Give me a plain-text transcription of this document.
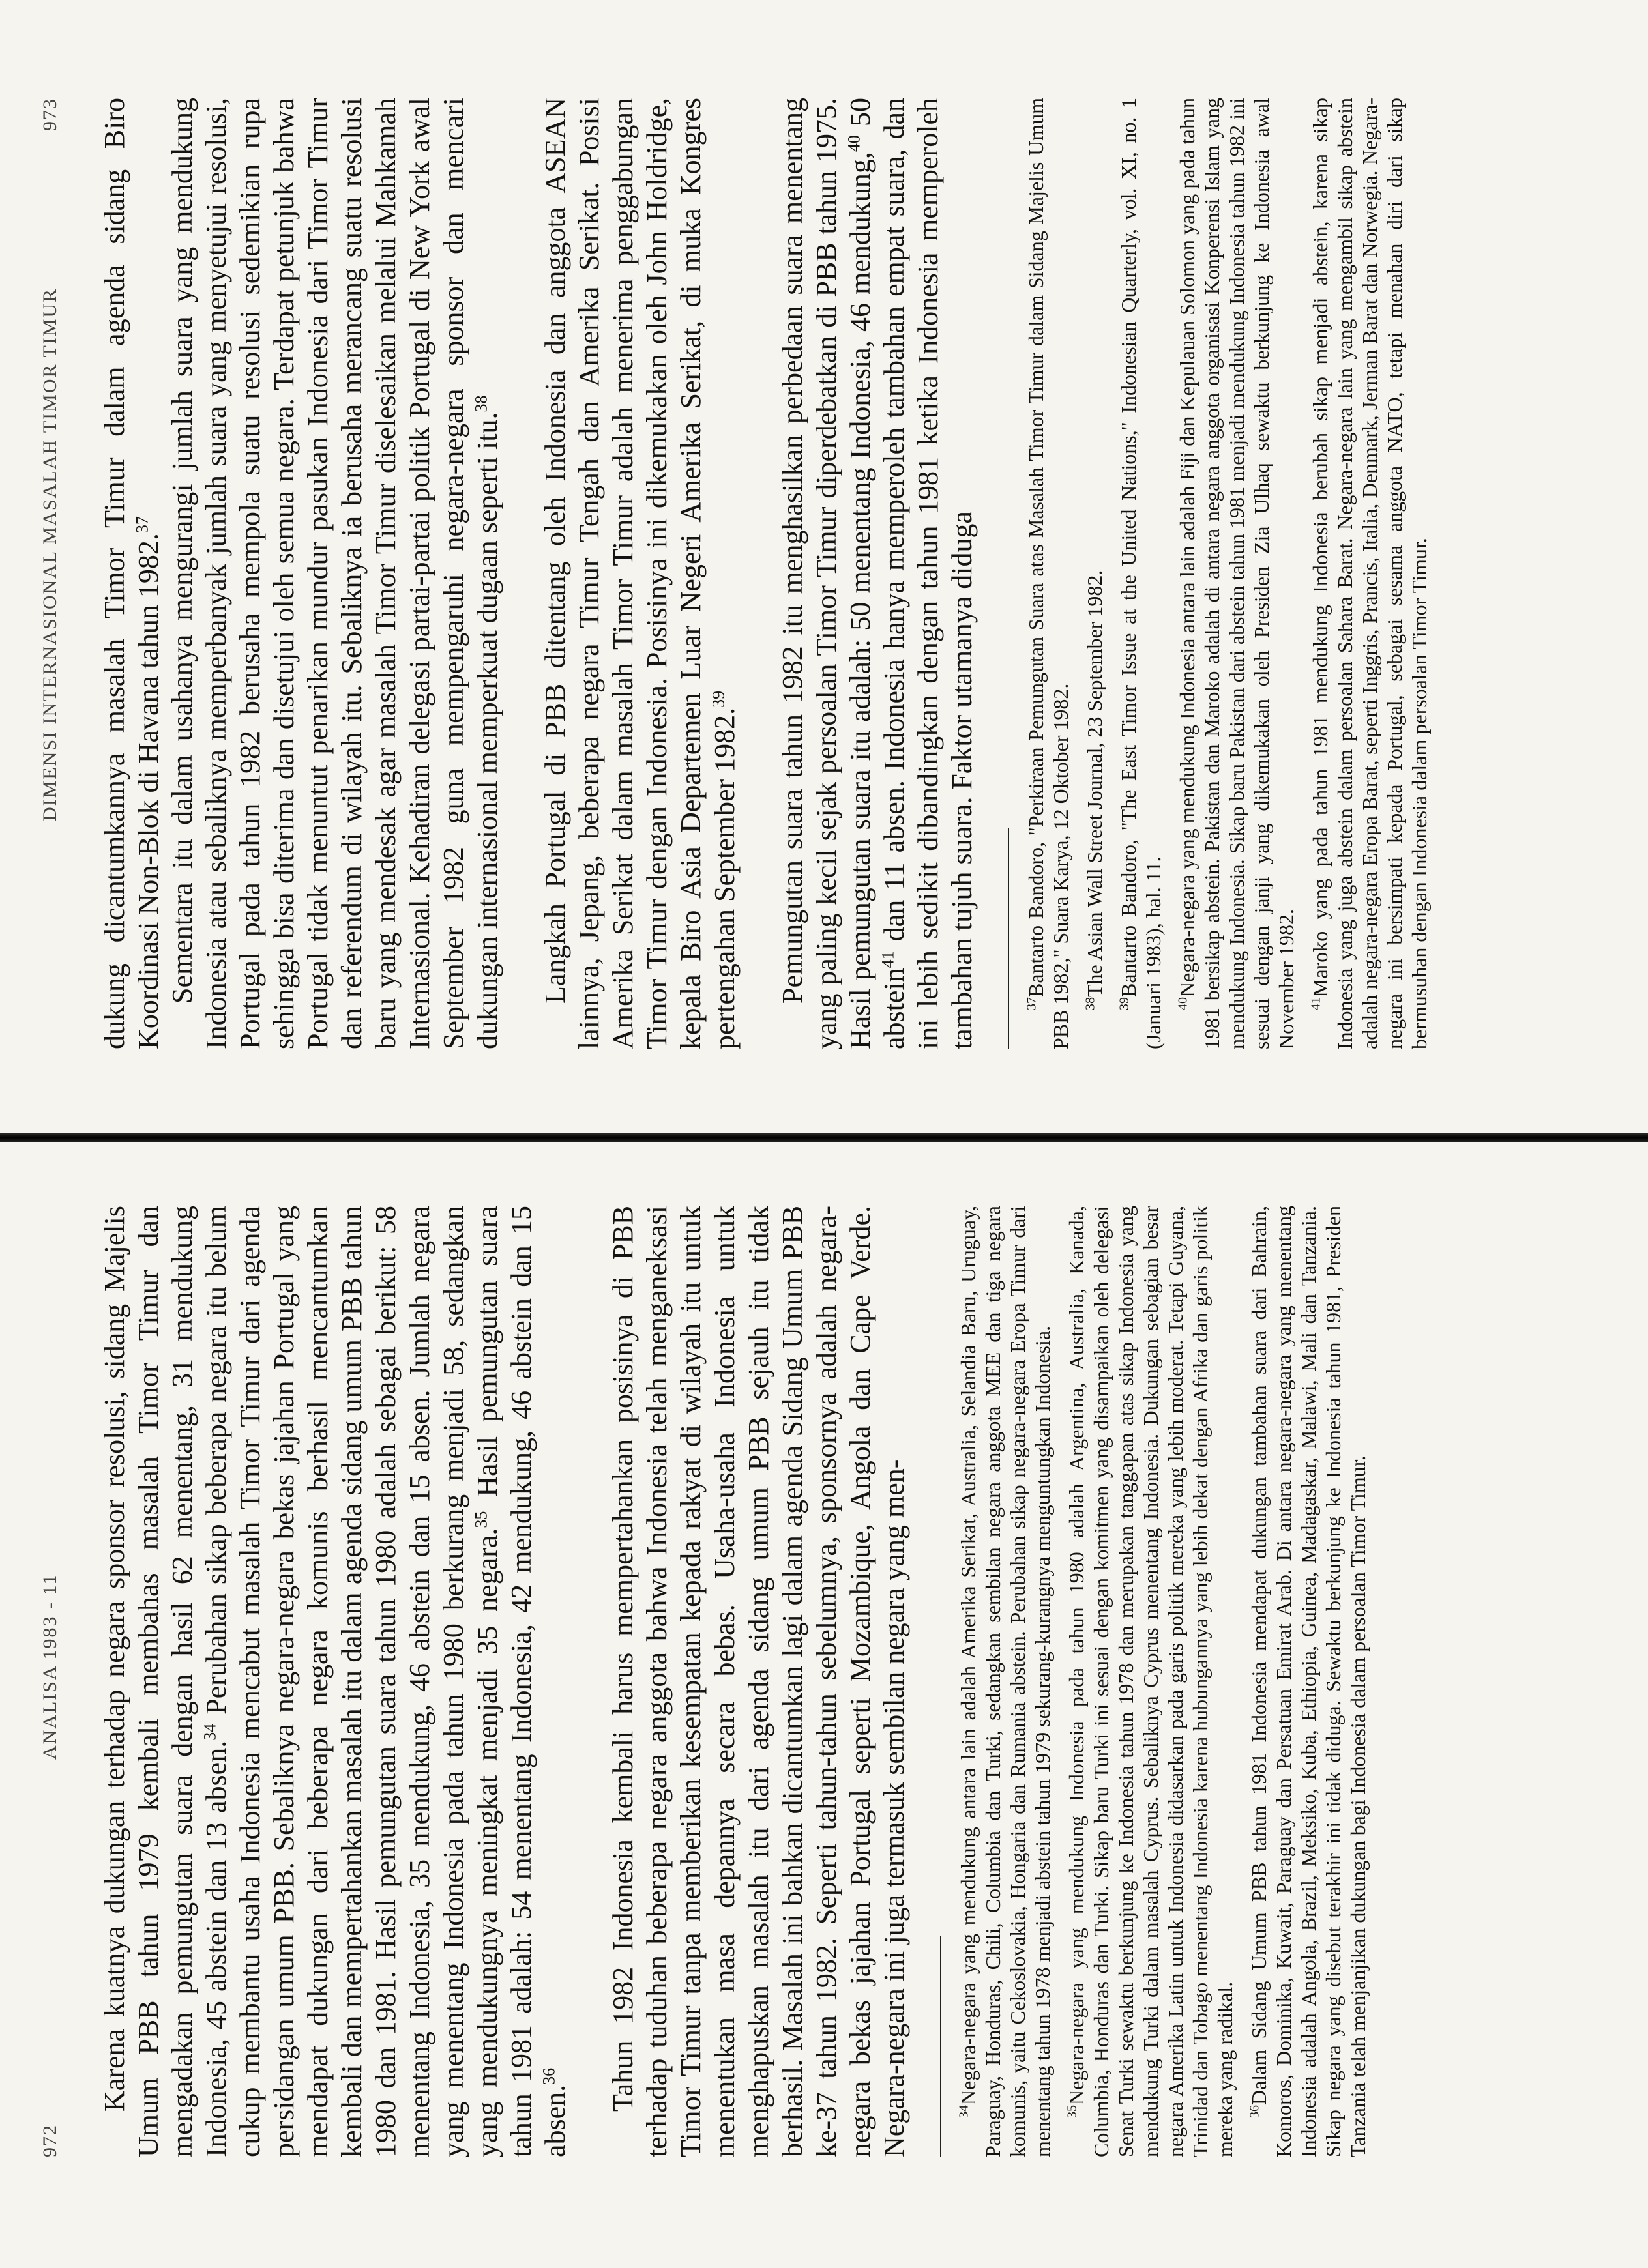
972
ANALISA 1983 - 11 Karena kuatnya dukungan terhadap negara sponsor resolusi, sidang Majelis Umum PBB tahun 1979 kembali membahas masalah Timor Timur dan mengadakan pemungutan suara dengan hasil 62 menentang, 31 mendukung Indonesia, 45 abstein dan 13 absen.$^{34}$ Perubahan sikap beberapa negara itu belum cukup membantu usaha Indonesia mencabut masalah Timor Timur dari agenda persidangan umum PBB. Sebaliknya negara-negara bekas jajahan Portugal yang mendapat dukungan dari beberapa negara komunis berhasil mencantumkan kembali dan mempertahankan masalah itu dalam agenda sidang umum PBB tahun 1980 dan 1981. Hasil pemungutan suara tahun 1980 adalah sebagai berikut: 58 menentang Indonesia, 35 mendukung, 46 abstein dan 15 absen. Jumlah negara yang menentang Indonesia pada tahun 1980 berkurang menjadi 58, sedangkan yang mendukungnya meningkat menjadi 35 negara.$^{35}$ Hasil pemungutan suara tahun 1981 adalah: 54 menentang Indonesia, 42 mendukung, 46 abstein dan 15 absen.$^{36}$	Tahun 1982 Indonesia kembali harus mempertahankan posisinya di PBB terhadap tuduhan beberapa negara anggota bahwa Indonesia telah menganeksasi Timor Timur tanpa memberikan kesempatan kepada rakyat di wilayah itu untuk menentukan masa depannya secara bebas. Usaha-usaha Indonesia untuk menghapuskan masalah itu dari agenda sidang umum PBB sejauh itu tidak berhasil. Masalah ini bahkan dicantumkan lagi dalam agenda Sidang Umum PBB ke-37 tahun 1982. Seperti tahun-tahun sebelumnya, sponsornya adalah negara-negara bekas jajahan Portugal seperti Mozambique, Angola dan Cape Verde. Negara-negara ini juga termasuk sembilan negara yang men-	$^{34}$Negara-negara yang mendukung antara lain adalah Amerika Serikat, Australia, Selandia Baru, Uruguay, Paraguay, Honduras, Chili, Columbia dan Turki, sedangkan sembilan negara anggota MEE dan tiga negara komunis, yaitu Cekoslovakia, Hongaria dan Rumania abstein. Perubahan sikap negara-negara Eropa Timur dari menentang tahun 1978 menjadi abstein tahun 1979 sekurang-kurangnya menguntungkan Indonesia. $^{35}$Negara-negara yang mendukung Indonesia pada tahun 1980 adalah Argentina, Australia, Kanada, Columbia, Honduras dan Turki. Sikap baru Turki ini sesuai dengan komitmen yang disampaikan oleh delegasi Senat Turki sewaktu berkunjung ke Indonesia tahun 1978 dan merupakan tanggapan atas sikap Indonesia yang mendukung Turki dalam masalah Cyprus. Sebaliknya Cyprus menentang Indonesia. Dukungan sebagian besar negara Amerika Latin untuk Indonesia didasarkan pada garis politik mereka yang lebih moderat. Tetapi Guyana, Trinidad dan Tobago menentang Indonesia karena hubungannya yang lebih dekat dengan Afrika dan garis politik mereka yang radikal. $^{36}$Dalam Sidang Umum PBB tahun 1981 Indonesia mendapat dukungan tambahan suara dari Bahrain, Komoros, Dominika, Kuwait, Paraguay dan Persatuan Emirat Arab. Di antara negara-negara yang menentang Indonesia adalah Angola, Brazil, Meksiko, Kuba, Ethiopia, Guinea, Madagaskar, Malawi, Mali dan Tanzania. Sikap negara yang disebut terakhir ini tidak diduga. Sewaktu berkunjung ke Indonesia tahun 1981, Presiden Tanzania telah menjanjikan dukungan bagi Indonesia dalam persoalan Timor Timur.

DIMENSI INTERNASIONAL MASALAH TIMOR TIMUR
973 dukung dicantumkannya masalah Timor Timur dalam agenda sidang Biro Koordinasi Non-Blok di Havana tahun 1982.37 Sementara itu dalam usahanya mengurangi jumlah suara yang mendukung Indonesia atau sebaliknya memperbanyak jumlah suara yang menyetujui resolusi, Portugal pada tahun 1982 berusaha mempola suatu resolusi sedemikian rupa sehingga bisa diterima dan disetujui oleh semua negara. Terdapat petunjuk bahwa Portugal tidak menuntut penarikan mundur pasukan Indonesia dari Timor Timur dan referendum di wilayah itu. Sebaliknya ia berusaha merancang suatu resolusi baru yang mendesak agar masalah Timor Timur diselesaikan melalui Mahkamah Internasional. Kehadiran delegasi partai-partai politik Portugal di New York awal September 1982 guna mempengaruhi negara-negara sponsor dan mencari dukungan internasional memperkuat dugaan seperti itu.$^{38}$	Langkah Portugal di PBB ditentang oleh Indonesia dan anggota ASEAN lainnya, Jepang, beberapa negara Timur Tengah dan Amerika Serikat. Posisi Amerika Serikat dalam masalah Timor Timur adalah menerima penggabungan Timor Timur dengan Indonesia. Posisinya ini dikemukakan oleh John Holdridge, kepala Biro Asia Departemen Luar Negeri Amerika Serikat, di muka Kongres pertengahan September 1982.39	Pemungutan suara tahun 1982 itu menghasilkan perbedaan suara menentang yang paling kecil sejak persoalan Timor Timur diperdebatkan di PBB tahun 1975. Hasil pemungutan suara itu adalah: 50 menentang Indonesia, 46 mendukung,$^{40}$ 50 abstein$^{41}$ dan 11 absen. Indonesia hanya memperoleh tambahan empat suara, dan ini lebih sedikit dibandingkan dengan tahun 1981 ketika Indonesia memperoleh tambahan tujuh suara. Faktor utamanya diduga	$^{37}$Bantarto Bandoro, "Perkiraan Pemungutan Suara atas Masalah Timor Timur dalam Sidang Majelis Umum PBB 1982," Suara Karya, 12 Oktober 1982. $^{38}$The Asian Wall Street Journal, 23 September 1982.

$^{39}$Bantarto Bandoro, "The East Timor Issue at the United Nations," Indonesian Quarterly, vol. XI, no. 1 (Januari 1983), hal. 11. $^{40}$Negara-negara yang mendukung Indonesia antara lain adalah Fiji dan Kepulauan Solomon yang pada tahun 1981 bersikap abstein. Pakistan dan Maroko adalah di antara negara anggota organisasi Konperensi Islam yang mendukung Indonesia. Sikap baru Pakistan dari abstein tahun 1981 menjadi mendukung Indonesia tahun 1982 ini sesuai dengan janji yang dikemukakan oleh Presiden Zia Ulhaq sewaktu berkunjung ke Indonesia awal November 1982. $^{41}$Maroko yang pada tahun 1981 mendukung Indonesia berubah sikap menjadi abstein, karena sikap Indonesia yang juga abstein dalam persoalan Sahara Barat. Negara-negara lain yang mengambil sikap abstein adalah negara-negara Eropa Barat, seperti Inggris, Prancis, Italia, Denmark, Jerman Barat dan Norwegia. Negara-negara ini bersimpati kepada Portugal, sebagai sesama anggota NATO, tetapi menahan diri dari sikap bermusuhan dengan Indonesia dalam persoalan Timor Timur.
